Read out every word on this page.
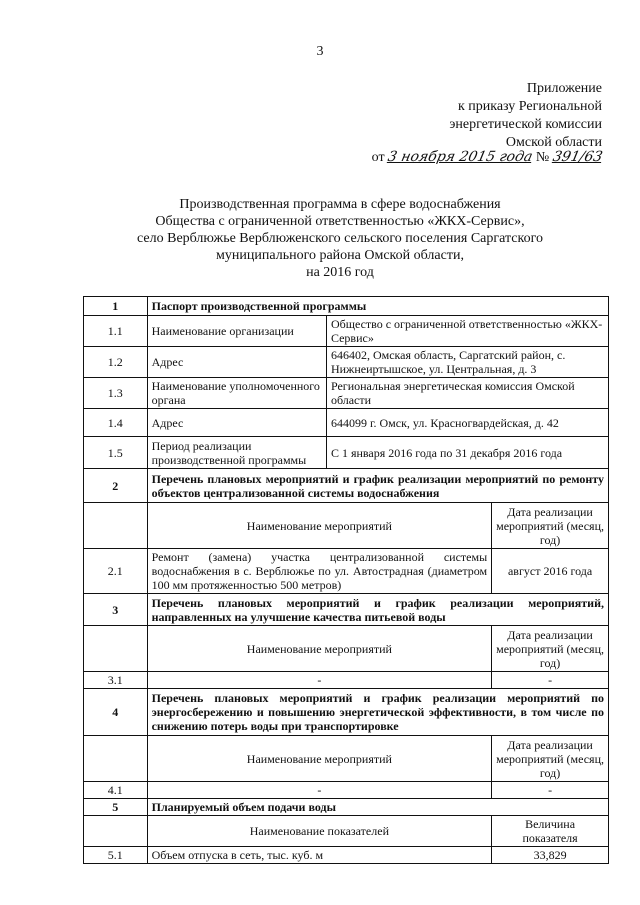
3
Приложение
к приказу Региональной
энергетической комиссии
Омской области
от 3 ноября 2015 года № 391/63
Производственная программа в сфере водоснабжения
Общества с ограниченной ответственностью «ЖКХ-Сервис»,
село Верблюжье Верблюженского сельского поселения Саргатского
муниципального района Омской области,
на 2016 год
1	Паспорт производственной программы		
1.1	Наименование организации	Общество с ограниченной ответственностью «ЖКХ-Сервис»	
1.2	Адрес	646402, Омская область, Саргатский район, с. Нижнеиртышское, ул. Центральная, д. 3	
1.3	Наименование уполномоченного органа	Региональная энергетическая комиссия Омской области	
1.4	Адрес	644099 г. Омск, ул. Красногвардейская, д. 42	
1.5	Период реализации производственной программы	С 1 января 2016 года по 31 декабря 2016 года	
2	Перечень плановых мероприятий и график реализации мероприятий по ремонту объектов централизованной системы водоснабжения		
	Наименование мероприятий		Дата реализации мероприятий (месяц, год)
2.1	Ремонт (замена) участка централизованной системы водоснабжения в с. Верблюжье по ул. Автострадная (диаметром 100 мм протяженностью 500 метров)		август 2016 года
3	Перечень плановых мероприятий и график реализации мероприятий, направленных на улучшение качества питьевой воды		
	Наименование мероприятий		Дата реализации мероприятий (месяц, год)
3.1	-		-
4	Перечень плановых мероприятий и график реализации мероприятий по энергосбережению и повышению энергетической эффективности, в том числе по снижению потерь воды при транспортировке		
	Наименование мероприятий		Дата реализации мероприятий (месяц, год)
4.1	-		-
5	Планируемый объем подачи воды		
	Наименование показателей		Величина показателя
5.1	Объем отпуска в сеть, тыс. куб. м		33,829
